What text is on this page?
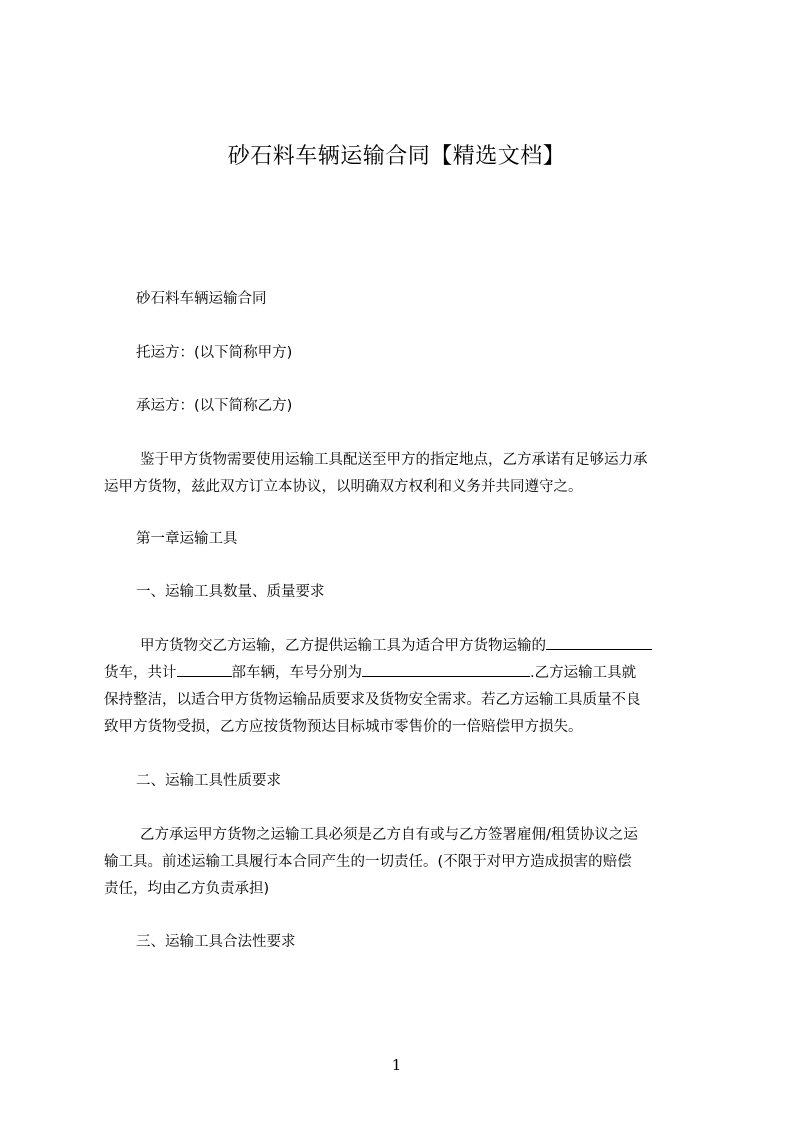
砂石料车辆运输合同【精选文档】
砂石料车辆运输合同
托运方：(以下简称甲方)
承运方：(以下简称乙方)
鉴于甲方货物需要使用运输工具配送至甲方的指定地点，乙方承诺有足够运力承
运甲方货物，兹此双方订立本协议，以明确双方权利和义务并共同遵守之。
第一章运输工具
一、运输工具数量、质量要求
甲方货物交乙方运输，乙方提供运输工具为适合甲方货物运输的
货车，共计	部车辆，车号分别为	.乙方运输工具就
保持整洁，以适合甲方货物运输品质要求及货物安全需求。若乙方运输工具质量不良
致甲方货物受损，乙方应按货物预达目标城市零售价的一倍赔偿甲方损失。
二、运输工具性质要求
乙方承运甲方货物之运输工具必须是乙方自有或与乙方签署雇佣/租赁协议之运
输工具。前述运输工具履行本合同产生的一切责任。(不限于对甲方造成损害的赔偿
责任，均由乙方负责承担)
三、运输工具合法性要求
1
